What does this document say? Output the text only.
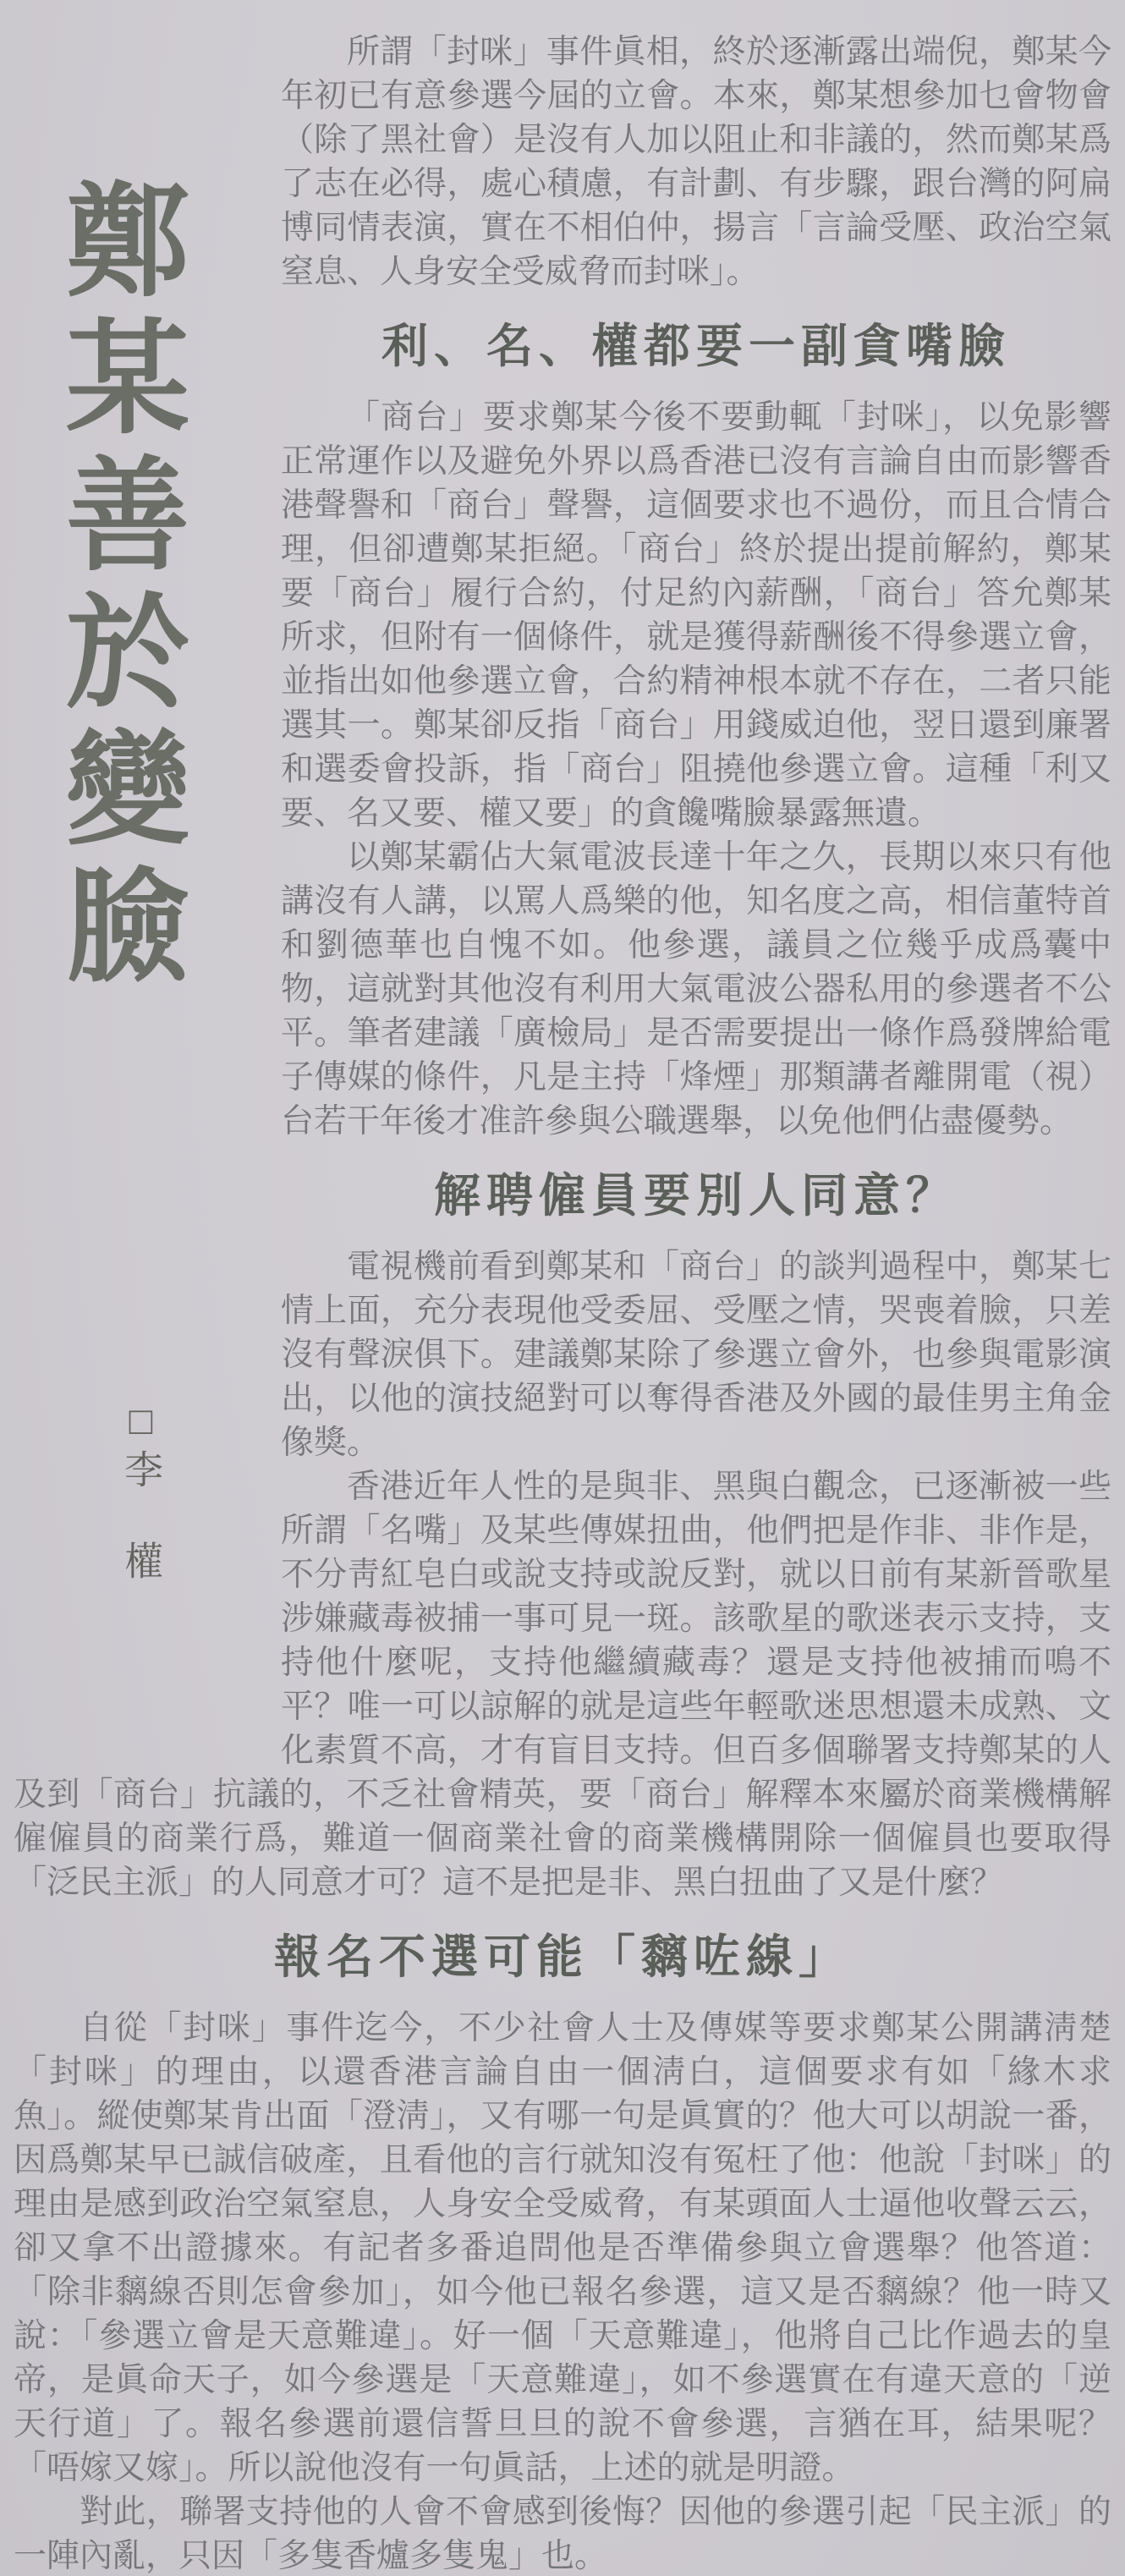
鄭某善於變臉
□李　權

所謂「封咪」事件眞相，終於逐漸露出端倪，鄭某今年初已有意參選今屆的立會。本來，鄭某想參加乜會物會（除了黑社會）是沒有人加以阻止和非議的，然而鄭某爲了志在必得，處心積慮，有計劃、有步驟，跟台灣的阿扁博同情表演，實在不相伯仲，揚言「言論受壓、政治空氣窒息、人身安全受威脅而封咪」。

利、名、權都要一副貪嘴臉

「商台」要求鄭某今後不要動輒「封咪」，以免影響正常運作以及避免外界以爲香港已沒有言論自由而影響香港聲譽和「商台」聲譽，這個要求也不過份，而且合情合理，但卻遭鄭某拒絕。「商台」終於提出提前解約，鄭某要「商台」履行合約，付足約內薪酬，「商台」答允鄭某所求，但附有一個條件，就是獲得薪酬後不得參選立會，並指出如他參選立會，合約精神根本就不存在，二者只能選其一。鄭某卻反指「商台」用錢威迫他，翌日還到廉署和選委會投訴，指「商台」阻撓他參選立會。這種「利又要、名又要、權又要」的貪饞嘴臉暴露無遺。

以鄭某霸佔大氣電波長達十年之久，長期以來只有他講沒有人講，以罵人爲樂的他，知名度之高，相信董特首和劉德華也自愧不如。他參選，議員之位幾乎成爲囊中物，這就對其他沒有利用大氣電波公器私用的參選者不公平。筆者建議「廣檢局」是否需要提出一條作爲發牌給電子傳媒的條件，凡是主持「烽煙」那類講者離開電（視）台若干年後才准許參與公職選舉，以免他們佔盡優勢。

解聘僱員要別人同意？

電視機前看到鄭某和「商台」的談判過程中，鄭某七情上面，充分表現他受委屈、受壓之情，哭喪着臉，只差沒有聲淚俱下。建議鄭某除了參選立會外，也參與電影演出，以他的演技絕對可以奪得香港及外國的最佳男主角金像獎。

香港近年人性的是與非、黑與白觀念，已逐漸被一些所謂「名嘴」及某些傳媒扭曲，他們把是作非、非作是，不分靑紅皂白或說支持或說反對，就以日前有某新晉歌星涉嫌藏毒被捕一事可見一斑。該歌星的歌迷表示支持，支持他什麼呢，支持他繼續藏毒？還是支持他被捕而鳴不平？唯一可以諒解的就是這些年輕歌迷思想還未成熟、文化素質不高，才有盲目支持。但百多個聯署支持鄭某的人及到「商台」抗議的，不乏社會精英，要「商台」解釋本來屬於商業機構解僱僱員的商業行爲，難道一個商業社會的商業機構開除一個僱員也要取得「泛民主派」的人同意才可？這不是把是非、黑白扭曲了又是什麼？

報名不選可能「黐咗線」

自從「封咪」事件迄今，不少社會人士及傳媒等要求鄭某公開講淸楚「封咪」的理由，以還香港言論自由一個淸白，這個要求有如「緣木求魚」。縱使鄭某肯出面「澄淸」，又有哪一句是眞實的？他大可以胡說一番，因爲鄭某早已誠信破產，且看他的言行就知沒有冤枉了他：他說「封咪」的理由是感到政治空氣窒息，人身安全受威脅，有某頭面人士逼他收聲云云，卻又拿不出證據來。有記者多番追問他是否準備參與立會選舉？他答道：「除非黐線否則怎會參加」，如今他已報名參選，這又是否黐線？他一時又說：「參選立會是天意難違」。好一個「天意難違」，他將自己比作過去的皇帝，是眞命天子，如今參選是「天意難違」，如不參選實在有違天意的「逆天行道」了。報名參選前還信誓旦旦的說不會參選，言猶在耳，結果呢？「唔嫁又嫁」。所以說他沒有一句眞話，上述的就是明證。

對此，聯署支持他的人會不會感到後悔？因他的參選引起「民主派」的一陣內亂，只因「多隻香爐多隻鬼」也。
